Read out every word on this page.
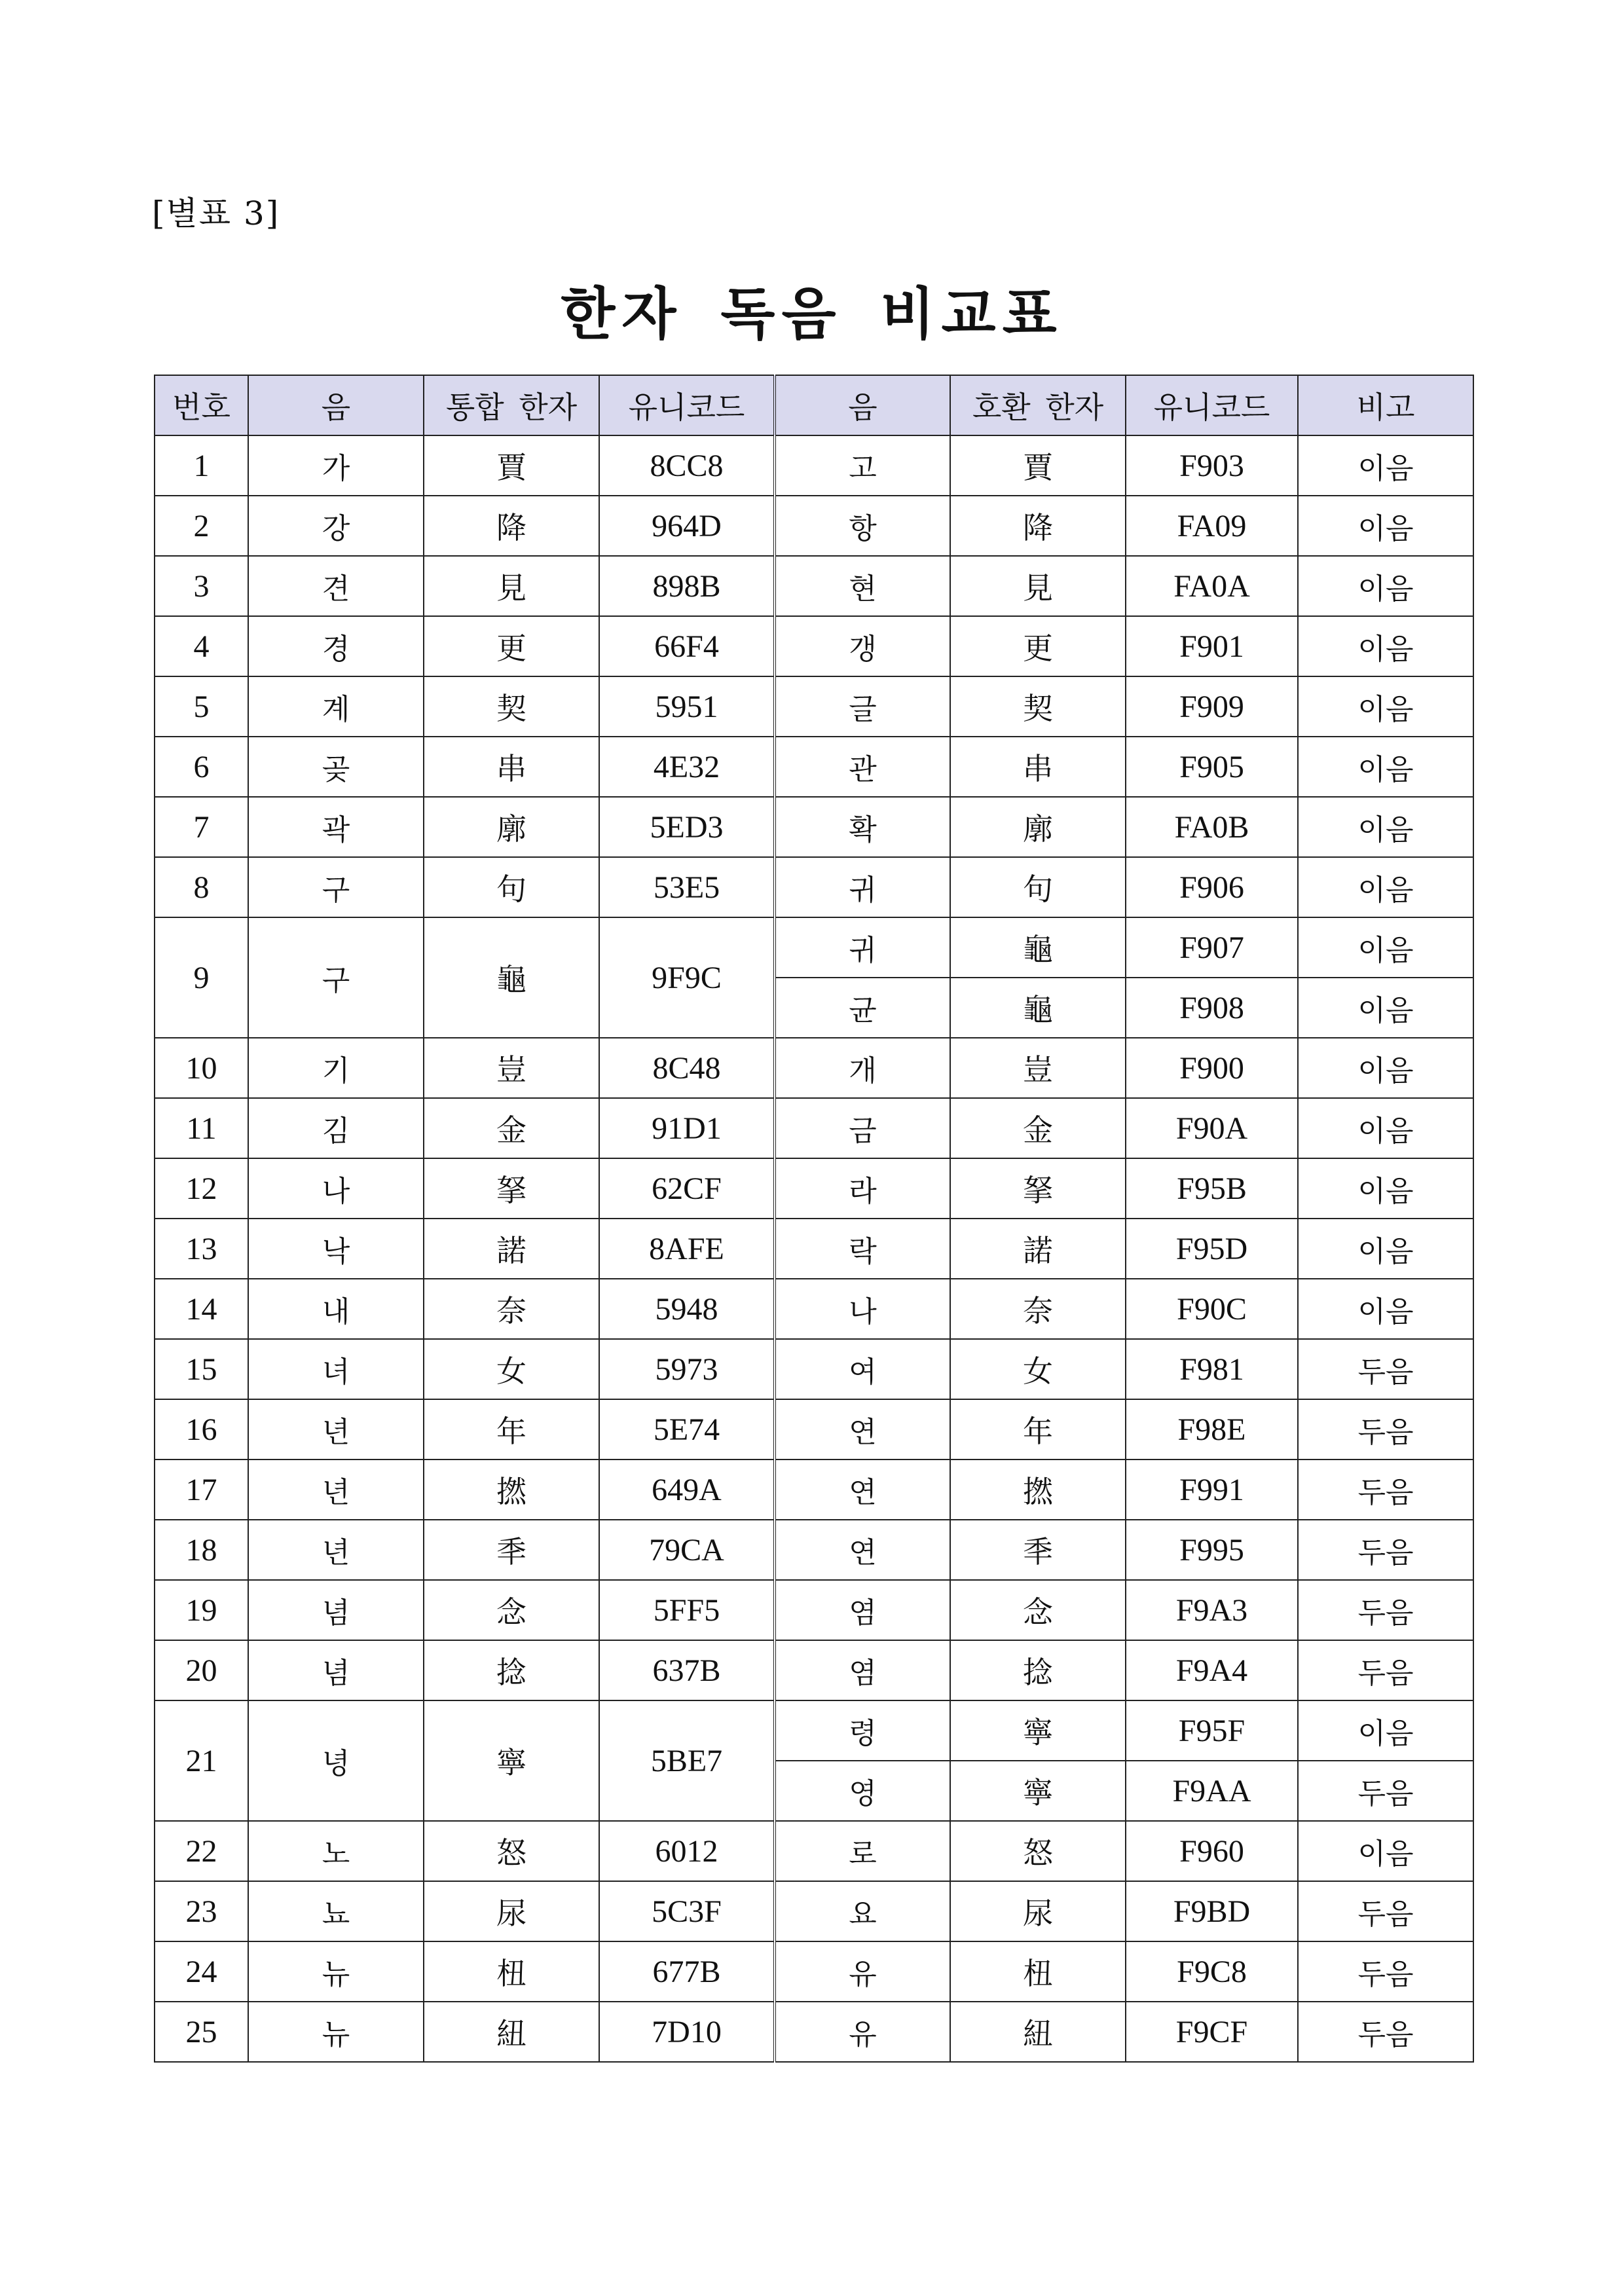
[별표 3]
한자 독음 비교표
번호	음	통합 한자	유니코드	음	호환 한자	유니코드	비고
1	가	賈	8CC8	고	賈	F903	이음
2	강	降	964D	항	降	FA09	이음
3	견	見	898B	현	見	FA0A	이음
4	경	更	66F4	갱	更	F901	이음
5	계	契	5951	글	契	F909	이음
6	곶	串	4E32	관	串	F905	이음
7	곽	廓	5ED3	확	廓	FA0B	이음
8	구	句	53E5	귀	句	F906	이음
9	구	龜	9F9C	귀	龜	F907	이음
				균	龜	F908	이음
10	기	豈	8C48	개	豈	F900	이음
11	김	金	91D1	금	金	F90A	이음
12	나	拏	62CF	라	拏	F95B	이음
13	낙	諾	8AFE	락	諾	F95D	이음
14	내	奈	5948	나	奈	F90C	이음
15	녀	女	5973	여	女	F981	두음
16	년	年	5E74	연	年	F98E	두음
17	년	撚	649A	연	撚	F991	두음
18	년	秊	79CA	연	秊	F995	두음
19	념	念	5FF5	염	念	F9A3	두음
20	념	捻	637B	염	捻	F9A4	두음
21	녕	寧	5BE7	령	寧	F95F	이음
				영	寧	F9AA	두음
22	노	怒	6012	로	怒	F960	이음
23	뇨	尿	5C3F	요	尿	F9BD	두음
24	뉴	杻	677B	유	杻	F9C8	두음
25	뉴	紐	7D10	유	紐	F9CF	두음
